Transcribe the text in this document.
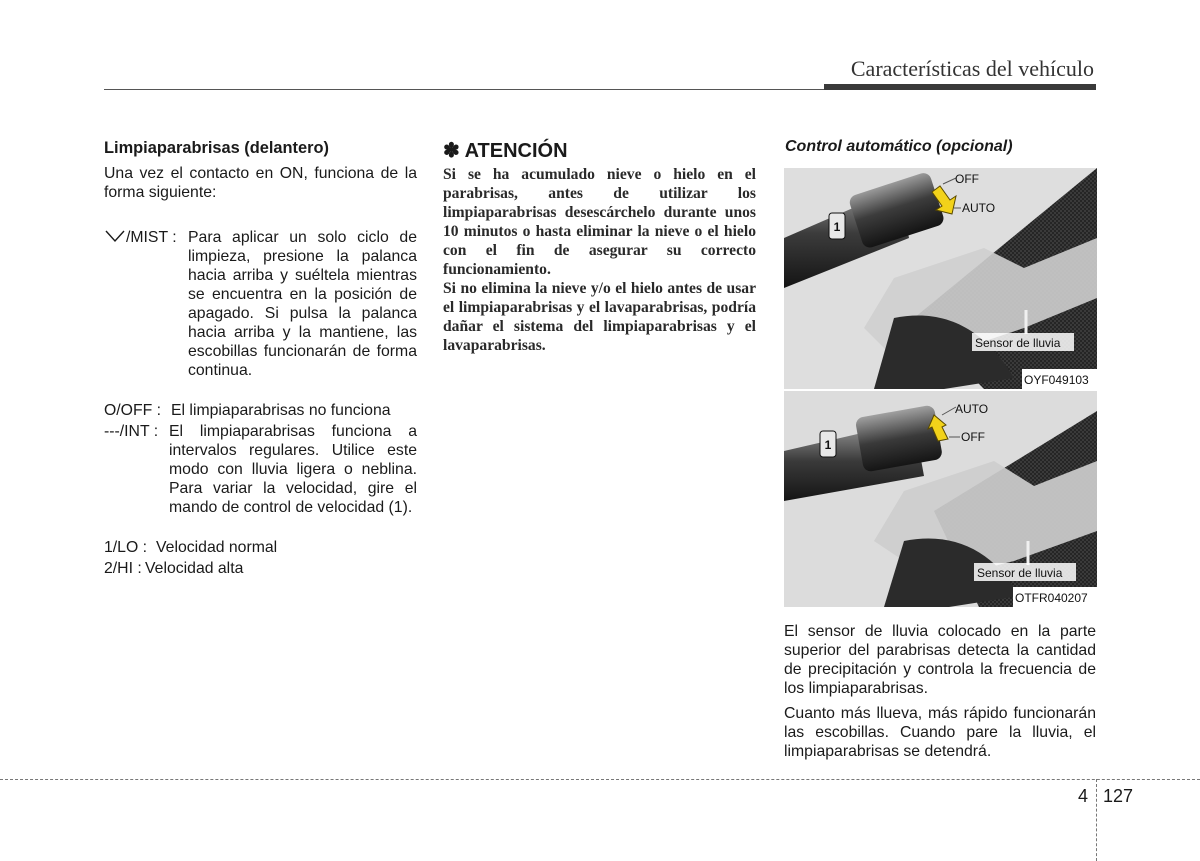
Características del vehículo
Limpiaparabrisas (delantero)
Una vez el contacto en ON, funciona de la forma siguiente:
/MIST : Para aplicar un solo ciclo de limpieza, presione la palanca hacia arriba y suéltela mientras se encuentra en la posición de apagado. Si pulsa la palanca hacia arriba y la mantiene, las escobillas funcionarán de forma continua.
O/OFF : El limpiaparabrisas no funciona
---/INT : El limpiaparabrisas funciona a intervalos regulares. Utilice este modo con lluvia ligera o neblina. Para variar la velocidad, gire el mando de control de velocidad (1).
1/LO : Velocidad normal
2/HI : Velocidad alta
✽ ATENCIÓN

Si se ha acumulado nieve o hielo en el parabrisas, antes de utilizar los limpiaparabrisas desescárchelo durante unos 10 minutos o hasta eliminar la nieve o el hielo con el fin de asegurar su correcto funcionamiento.

Si no elimina la nieve y/o el hielo antes de usar el limpiaparabrisas y el lavaparabrisas, podría dañar el sistema del limpiaparabrisas y el lavaparabrisas.

Control automático (opcional)
1
OFF
AUTO
Sensor de lluvia
OYF049103
1
AUTO
OFF
Sensor de lluvia
OTFR040207

El sensor de lluvia colocado en la parte superior del parabrisas detecta la cantidad de precipitación y controla la frecuencia de los limpiaparabrisas.

Cuanto más llueva, más rápido funcionarán las escobillas. Cuando pare la lluvia, el limpiaparabrisas se detendrá.

4 127
